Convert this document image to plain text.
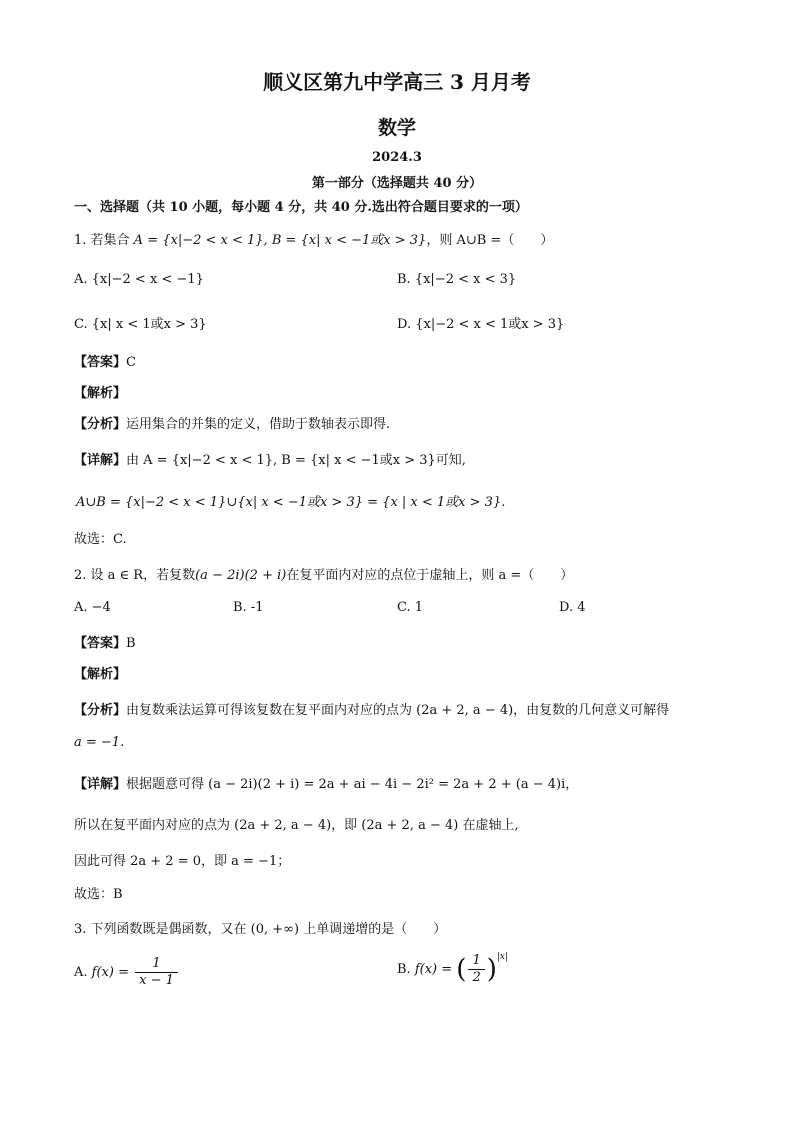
顺义区第九中学高三 3 月月考
数学
2024.3
第一部分（选择题共 40 分）
一、选择题（共 10 小题，每小题 4 分，共 40 分.选出符合题目要求的一项）
1. 若集合 A = {x|−2 < x < 1}, B = {x| x < −1或x > 3}，则 A∪B =（　　）
A. {x|−2 < x < −1}	B. {x|−2 < x < 3}
C. {x| x < 1或x > 3}	D. {x|−2 < x < 1或x > 3}
【答案】C
【解析】
【分析】运用集合的并集的定义，借助于数轴表示即得.
【详解】由 A = {x|−2 < x < 1}, B = {x| x < −1或x > 3}可知,
A∪B = {x|−2 < x < 1}∪{x| x < −1或x > 3} = {x | x < 1或x > 3}.
故选：C.
2. 设 a ∈ R，若复数(a − 2i)(2 + i)在复平面内对应的点位于虚轴上，则 a =（　　）
A. −4	B. -1	C. 1	D. 4
【答案】B
【解析】
【分析】由复数乘法运算可得该复数在复平面内对应的点为 (2a + 2, a − 4)，由复数的几何意义可解得
a = −1.
【详解】根据题意可得 (a − 2i)(2 + i) = 2a + ai − 4i − 2i² = 2a + 2 + (a − 4)i，
所以在复平面内对应的点为 (2a + 2, a − 4)，即 (2a + 2, a − 4) 在虚轴上,
因此可得 2a + 2 = 0，即 a = −1；
故选：B
3. 下列函数既是偶函数，又在 (0, +∞) 上单调递增的是（　　）
A. $f(x) = \frac{1}{x - 1}$	B. f(x) = ( $\frac{1}{2} )^{|x|}$
